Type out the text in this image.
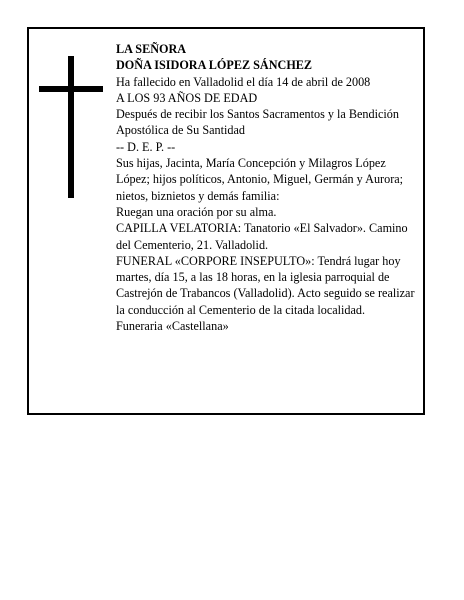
LA SEÑORA

DOÑA ISIDORA LÓPEZ SÁNCHEZ

Ha fallecido en Valladolid el día 14 de abril de 2008

A LOS 93 AÑOS DE EDAD

Después de recibir los Santos Sacramentos y la Bendición Apostólica de Su Santidad

-- D. E. P. --

Sus hijas, Jacinta, María Concepción y Milagros López López; hijos políticos, Antonio, Miguel, Germán y Aurora; nietos, biznietos y demás familia:

Ruegan una oración por su alma.

CAPILLA VELATORIA: Tanatorio «El Salvador». Camino del Cementerio, 21. Valladolid.

FUNERAL «CORPORE INSEPULTO»: Tendrá lugar hoy martes, día 15, a las 18 horas, en la iglesia parroquial de Castrejón de Trabancos (Valladolid). Acto seguido se realizar la conducción al Cementerio de la citada localidad.

Funeraria «Castellana»
